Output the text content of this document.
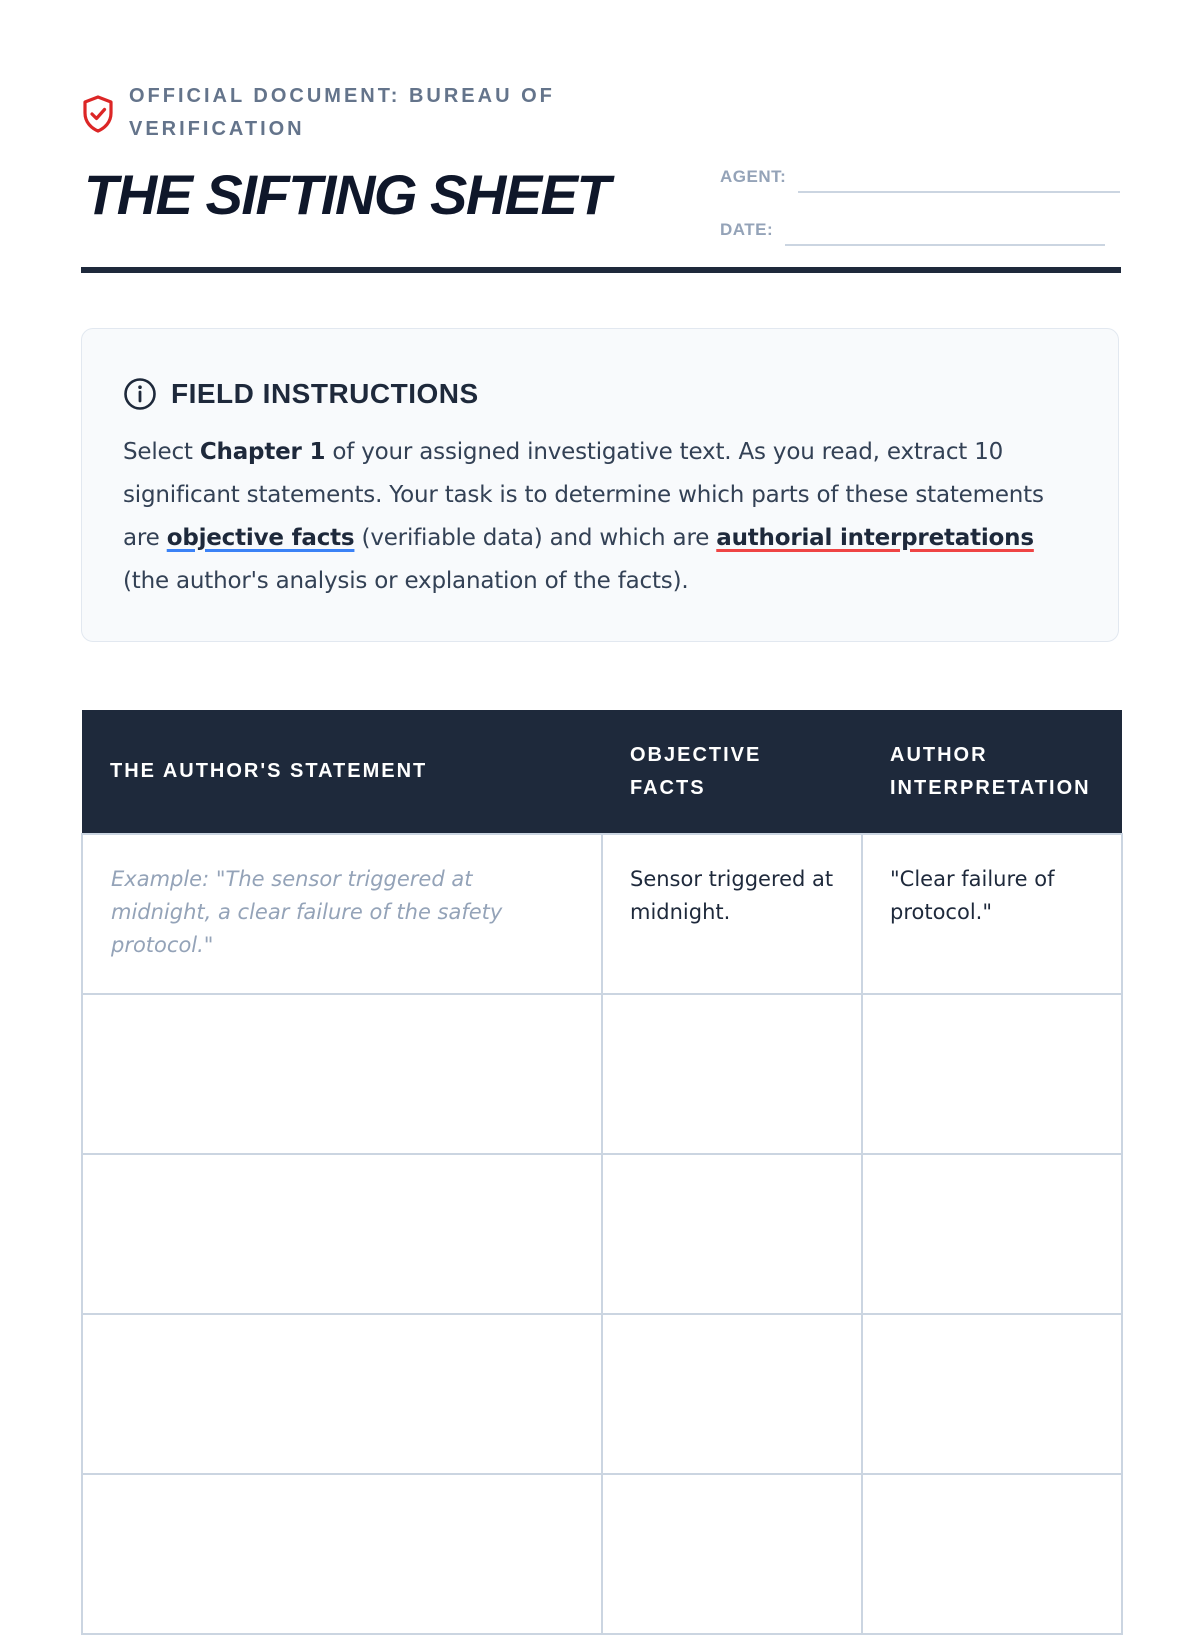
OFFICIAL DOCUMENT: BUREAU OF VERIFICATION
THE SIFTING SHEET	AGENT:
DATE:
FIELD INSTRUCTIONS

Select Chapter 1 of your assigned investigative text. As you read, extract 10 significant statements. Your task is to determine which parts of these statements are objective facts (verifiable data) and which are authorial interpretations (the author's analysis or explanation of the facts).

THE AUTHOR'S STATEMENT	OBJECTIVE FACTS	AUTHOR INTERPRETATION
Example: "The sensor triggered at midnight, a clear failure of the safety protocol."	Sensor triggered at midnight.	"Clear failure of protocol."
